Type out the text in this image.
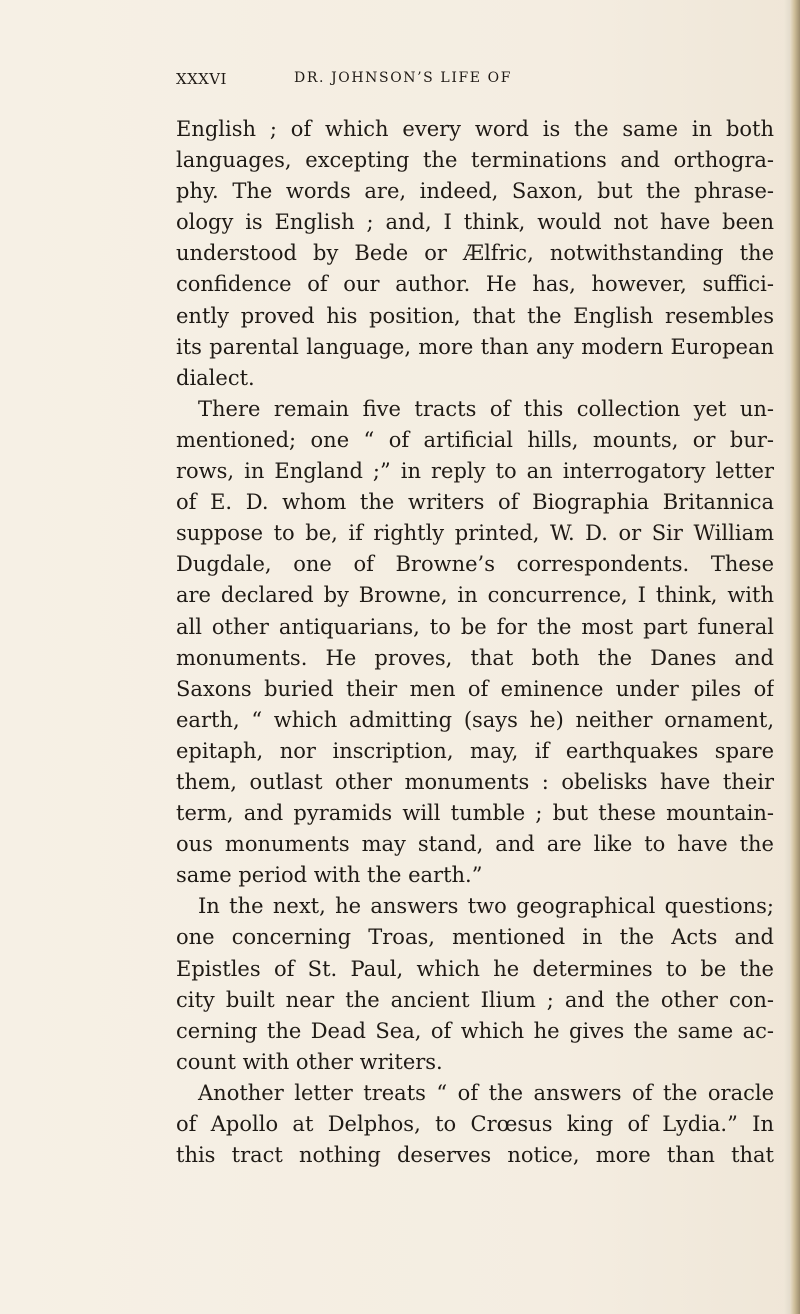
XXXVI	DR. JOHNSON’S LIFE OF
English ; of which every word is the same in both
languages, excepting the terminations and orthogra-
phy. The words are, indeed, Saxon, but the phrase-
ology is English ; and, I think, would not have been
understood by Bede or Ælfric, notwithstanding the
confidence of our author. He has, however, suffici-
ently proved his position, that the English resembles
its parental language, more than any modern European
dialect.
There remain five tracts of this collection yet un-
mentioned; one “ of artificial hills, mounts, or bur-
rows, in England ;” in reply to an interrogatory letter
of E. D. whom the writers of Biographia Britannica
suppose to be, if rightly printed, W. D. or Sir William
Dugdale, one of Browne’s correspondents. These
are declared by Browne, in concurrence, I think, with
all other antiquarians, to be for the most part funeral
monuments. He proves, that both the Danes and
Saxons buried their men of eminence under piles of
earth, “ which admitting (says he) neither ornament,
epitaph, nor inscription, may, if earthquakes spare
them, outlast other monuments : obelisks have their
term, and pyramids will tumble ; but these mountain-
ous monuments may stand, and are like to have the
same period with the earth.”
In the next, he answers two geographical questions;
one concerning Troas, mentioned in the Acts and
Epistles of St. Paul, which he determines to be the
city built near the ancient Ilium ; and the other con-
cerning the Dead Sea, of which he gives the same ac-
count with other writers.
Another letter treats “ of the answers of the oracle
of Apollo at Delphos, to Crœsus king of Lydia.” In
this tract nothing deserves notice, more than that
